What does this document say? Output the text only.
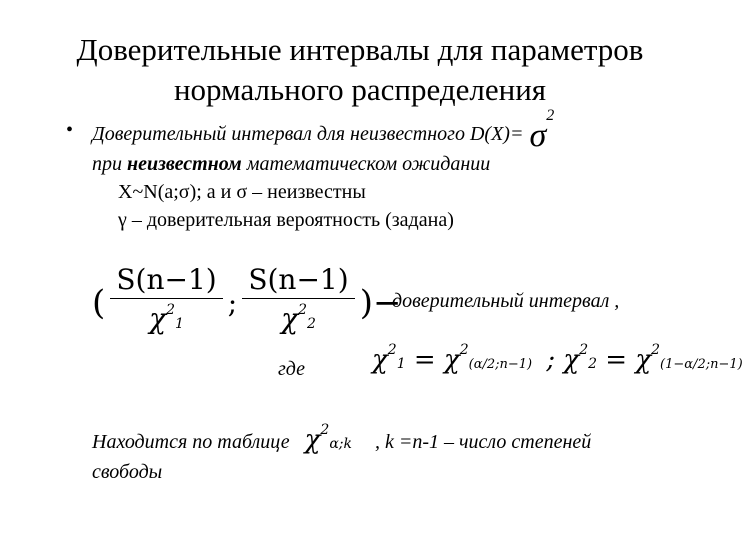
Доверительные интервалы для параметров
нормального распределения
• Доверительный интервал для неизвестного $D(X)= \sigma^2$
при неизвестном математическом ожидании
X~N(a;σ); a и σ – неизвестны
γ – доверительная вероятность (задана)
( $\frac{S(n-1)}{\chi^21}$ ; $\frac{S(n-1)}{\chi^22}$ )−
доверительный интервал ,
где	$\chi^21$ = $\chi^2(\alpha/2;n-1)$ ; $\chi^22$ = $\chi^2(1-\alpha/2;n-1)$
Находится по таблице $\chi^2\alpha;k$ , k =n-1 – число степеней
свободы
